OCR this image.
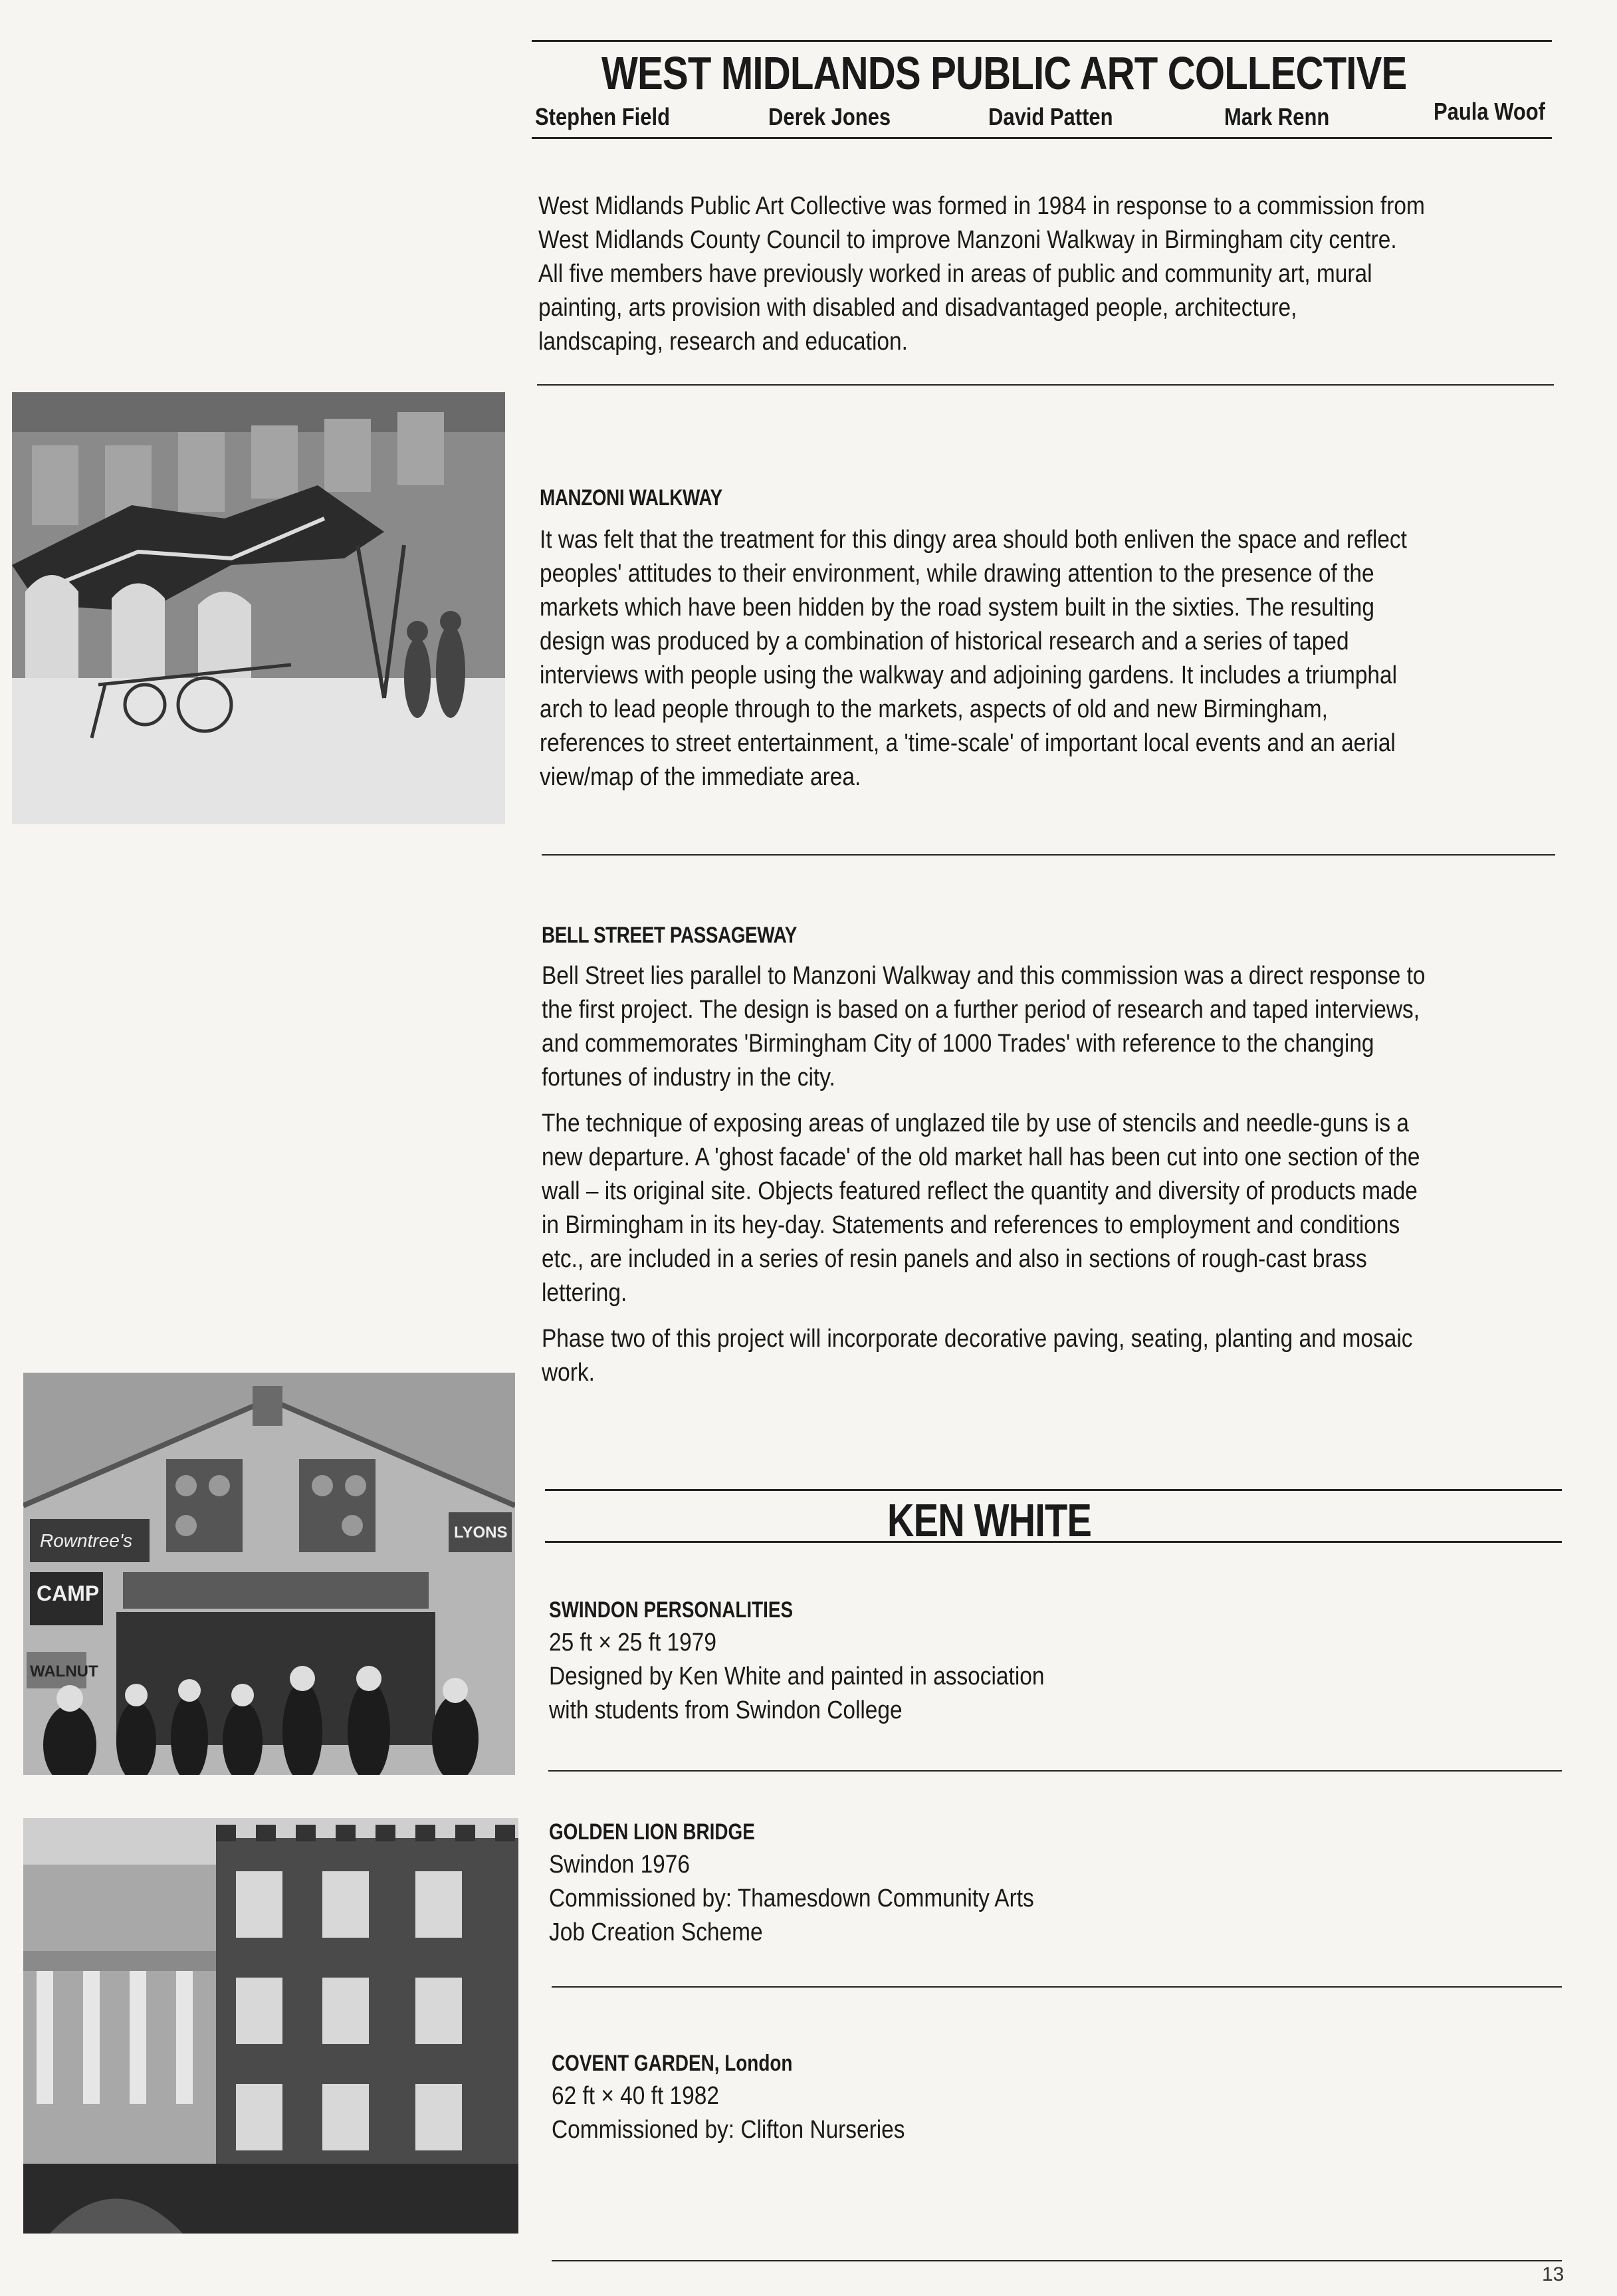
WEST MIDLANDS PUBLIC ART COLLECTIVE
Stephen Field	Derek Jones	David Patten	Mark Renn	Paula Woof

West Midlands Public Art Collective was formed in 1984 in response to a commission from West Midlands County Council to improve Manzoni Walkway in Birmingham city centre. All five members have previously worked in areas of public and community art, mural painting, arts provision with disabled and disadvantaged people, architecture, landscaping, research and education.

MANZONI WALKWAY

It was felt that the treatment for this dingy area should both enliven the space and reflect peoples' attitudes to their environment, while drawing attention to the presence of the markets which have been hidden by the road system built in the sixties. The resulting design was produced by a combination of historical research and a series of taped interviews with people using the walkway and adjoining gardens. It includes a triumphal arch to lead people through to the markets, aspects of old and new Birmingham, references to street entertainment, a 'time-scale' of important local events and an aerial view/map of the immediate area.

BELL STREET PASSAGEWAY

Bell Street lies parallel to Manzoni Walkway and this commission was a direct response to the first project. The design is based on a further period of research and taped interviews, and commemorates 'Birmingham City of 1000 Trades' with reference to the changing fortunes of industry in the city.

The technique of exposing areas of unglazed tile by use of stencils and needle-guns is a new departure. A 'ghost facade' of the old market hall has been cut into one section of the wall – its original site. Objects featured reflect the quantity and diversity of products made in Birmingham in its hey-day. Statements and references to employment and conditions etc., are included in a series of resin panels and also in sections of rough-cast brass lettering.

Phase two of this project will incorporate decorative paving, seating, planting and mosaic work.

Rowntree's
CAMP
LYONS
WALNUT
KEN WHITE
SWINDON PERSONALITIES
25 ft × 25 ft 1979
Designed by Ken White and painted in association
with students from Swindon College
GOLDEN LION BRIDGE
Swindon 1976
Commissioned by: Thamesdown Community Arts
Job Creation Scheme
COVENT GARDEN, London
62 ft × 40 ft 1982
Commissioned by: Clifton Nurseries
13
